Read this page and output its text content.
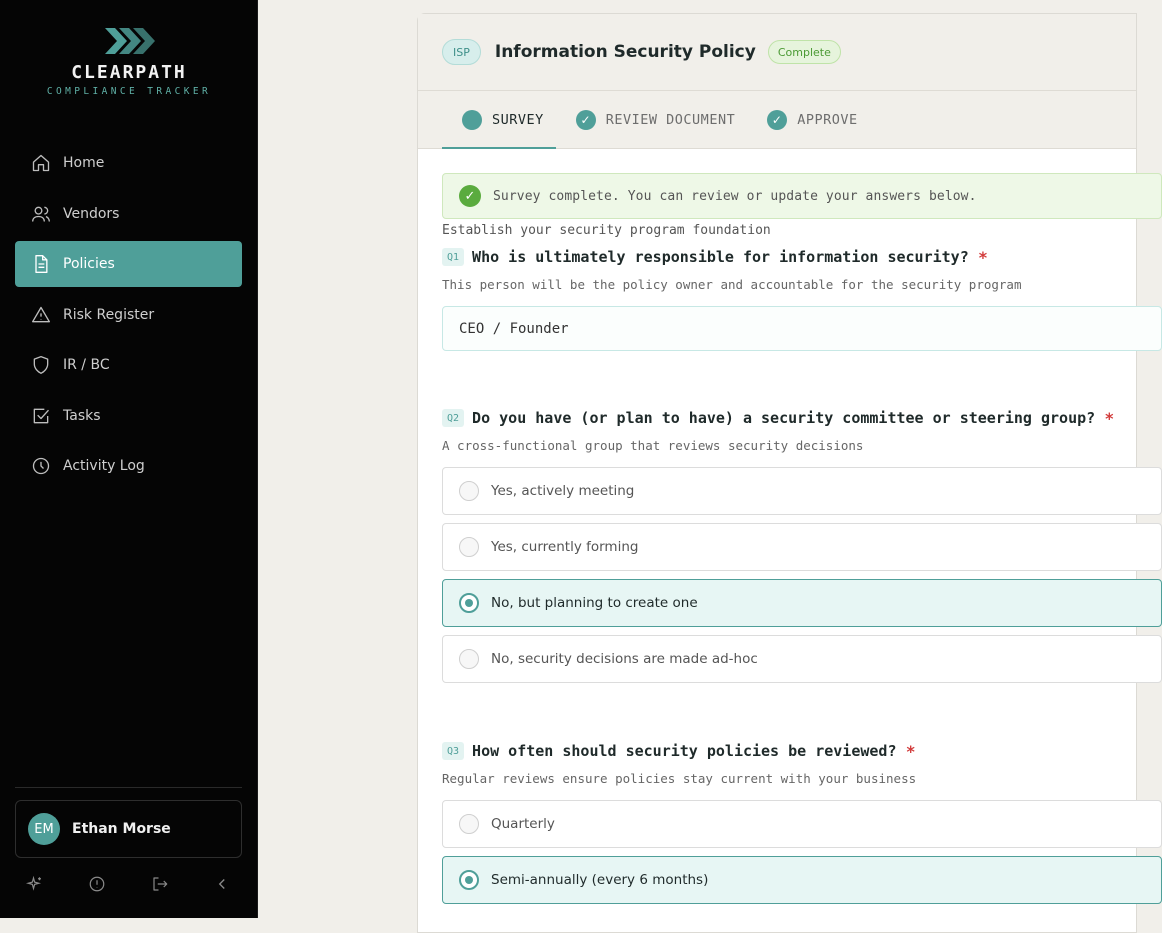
CLEARPATH
COMPLIANCE TRACKER
Home
Vendors
Policies
Risk Register
IR / BC
Tasks
Activity Log
EM	Ethan Morse
ISP	Information Security Policy	Complete
SURVEY	✓	REVIEW DOCUMENT	✓	APPROVE
✓	Survey complete. You can review or update your answers below.
Establish your security program foundation
Q1 Who is ultimately responsible for information security? *
This person will be the policy owner and accountable for the security program
CEO / Founder
Q2 Do you have (or plan to have) a security committee or steering group? *
A cross-functional group that reviews security decisions
Yes, actively meeting
Yes, currently forming
No, but planning to create one
No, security decisions are made ad-hoc
Q3 How often should security policies be reviewed? *
Regular reviews ensure policies stay current with your business
Quarterly
Semi-annually (every 6 months)
